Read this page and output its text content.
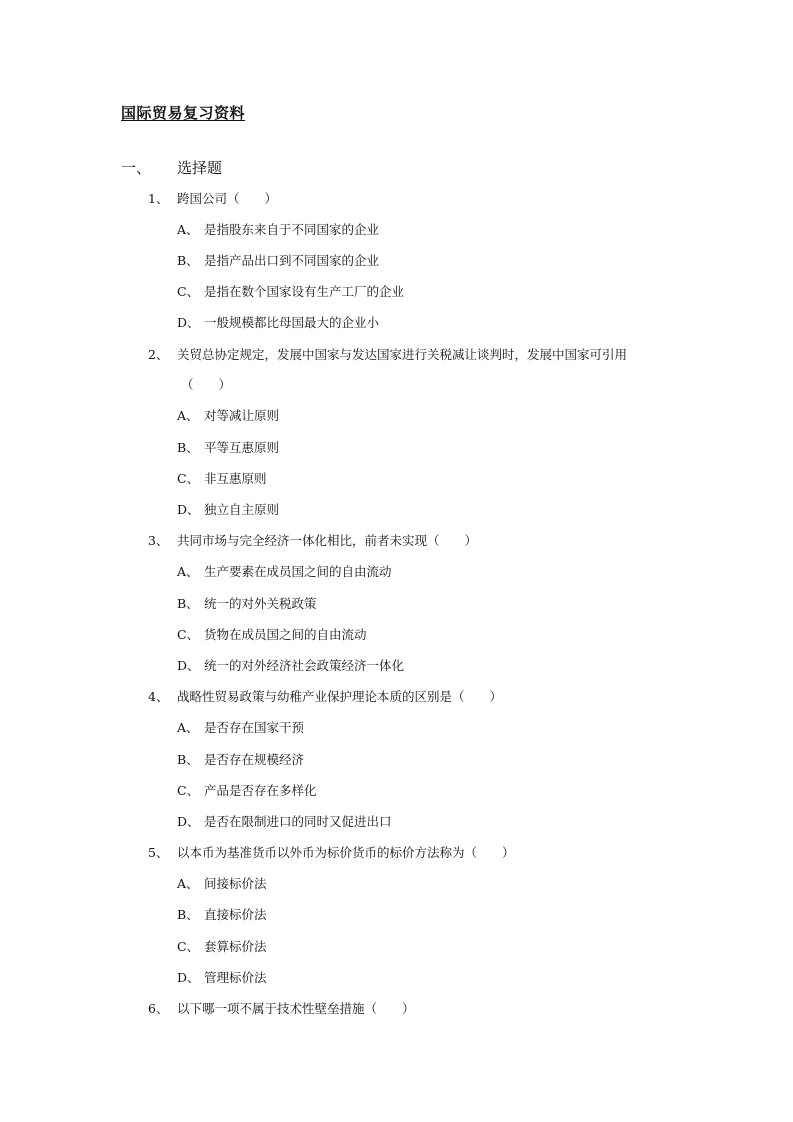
国际贸易复习资料
一、 选择题
1、 跨国公司（　　）
A、 是指股东来自于不同国家的企业
B、 是指产品出口到不同国家的企业
C、 是指在数个国家设有生产工厂的企业
D、 一般规模都比母国最大的企业小
2、 关贸总协定规定，发展中国家与发达国家进行关税减让谈判时，发展中国家可引用
（　　）
A、 对等减让原则
B、 平等互惠原则
C、 非互惠原则
D、 独立自主原则
3、 共同市场与完全经济一体化相比，前者未实现（　　）
A、 生产要素在成员国之间的自由流动
B、 统一的对外关税政策
C、 货物在成员国之间的自由流动
D、 统一的对外经济社会政策经济一体化
4、 战略性贸易政策与幼稚产业保护理论本质的区别是（　　）
A、 是否存在国家干预
B、 是否存在规模经济
C、 产品是否存在多样化
D、 是否在限制进口的同时又促进出口
5、 以本币为基准货币以外币为标价货币的标价方法称为（　　）
A、 间接标价法
B、 直接标价法
C、 套算标价法
D、 管理标价法
6、 以下哪一项不属于技术性壁垒措施（　　）
